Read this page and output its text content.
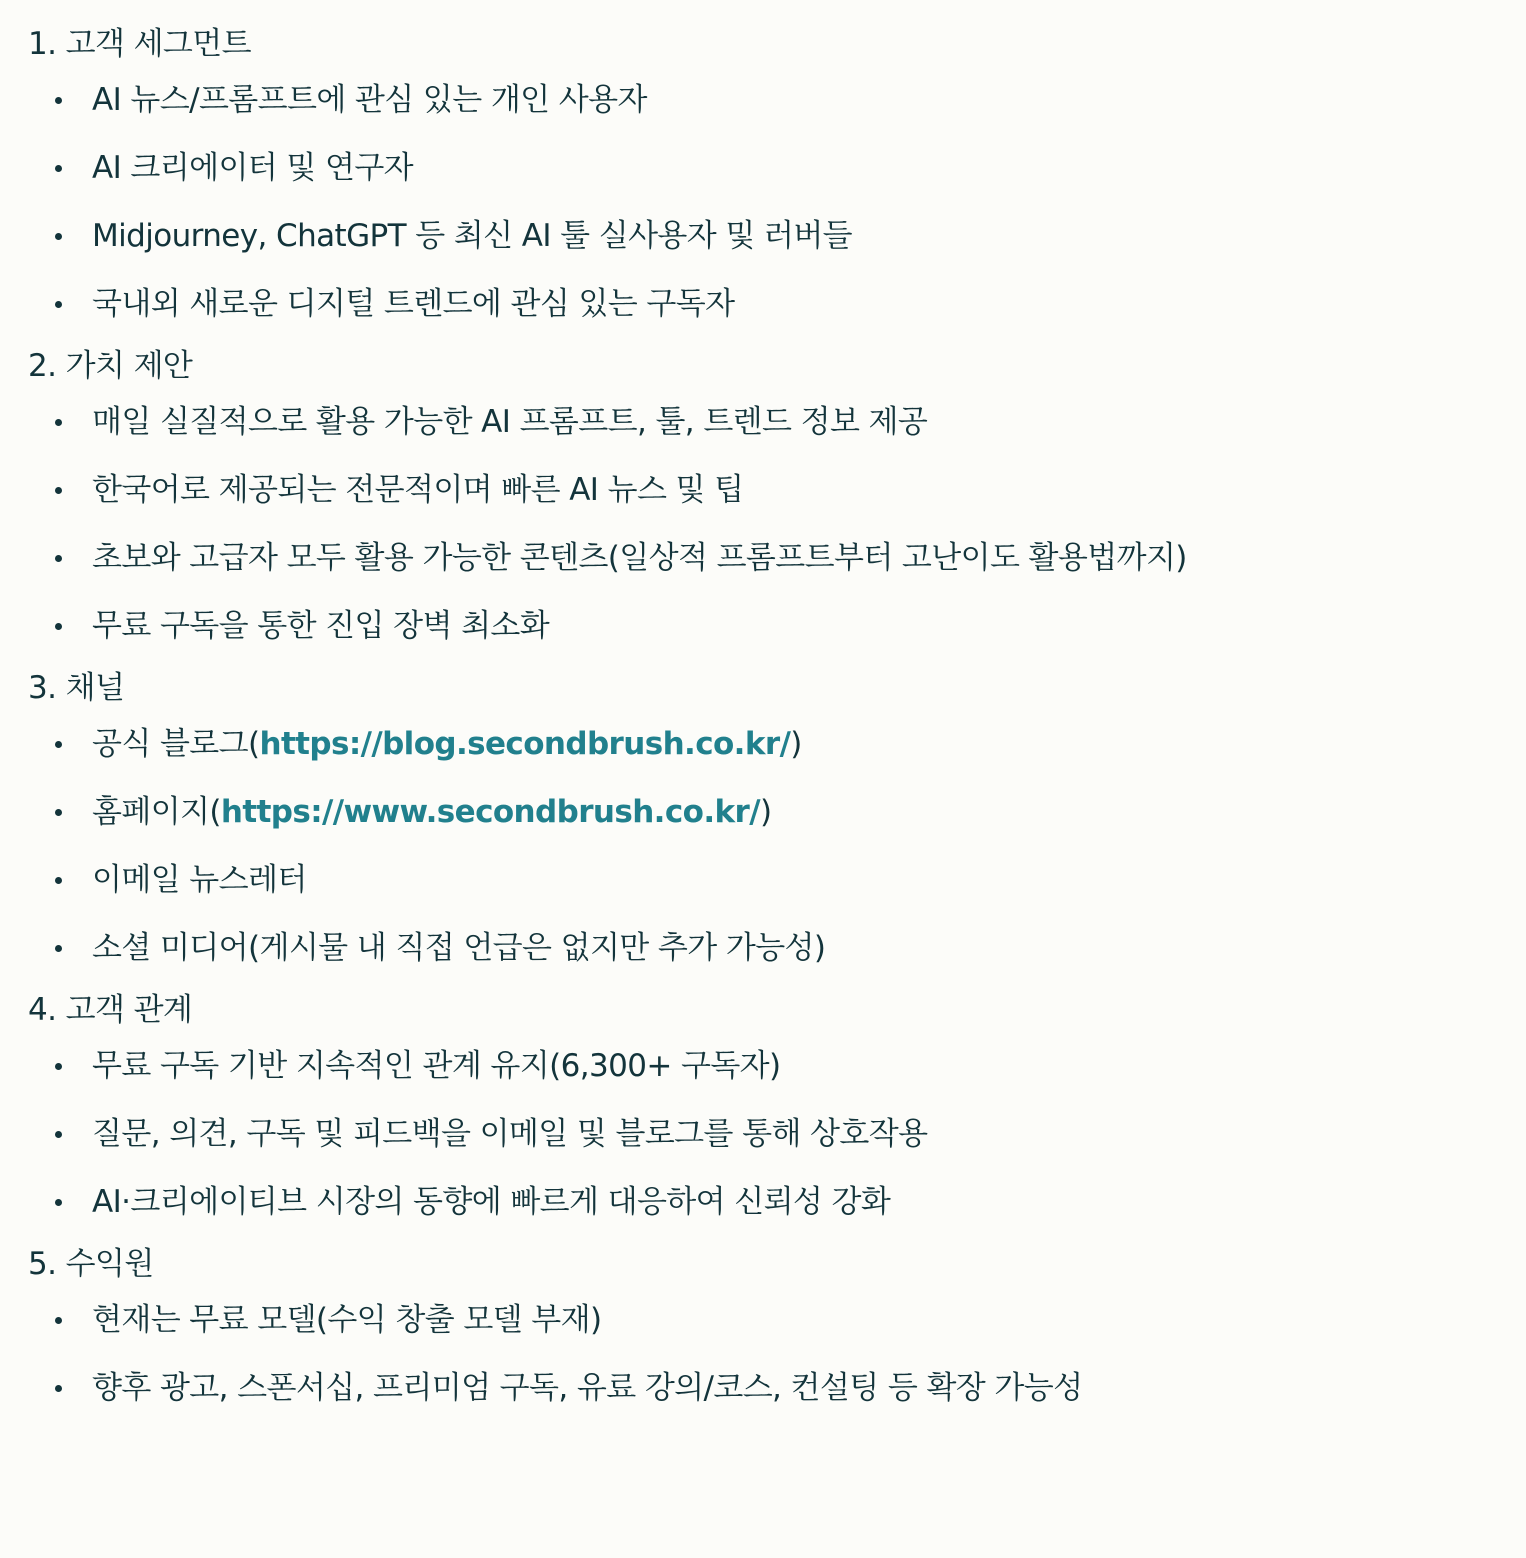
1. 고객 세그먼트
AI 뉴스/프롬프트에 관심 있는 개인 사용자
AI 크리에이터 및 연구자
Midjourney, ChatGPT 등 최신 AI 툴 실사용자 및 러버들
국내외 새로운 디지털 트렌드에 관심 있는 구독자
2. 가치 제안
매일 실질적으로 활용 가능한 AI 프롬프트, 툴, 트렌드 정보 제공
한국어로 제공되는 전문적이며 빠른 AI 뉴스 및 팁
초보와 고급자 모두 활용 가능한 콘텐츠(일상적 프롬프트부터 고난이도 활용법까지)
무료 구독을 통한 진입 장벽 최소화
3. 채널
공식 블로그(https://blog.secondbrush.co.kr/)
홈페이지(https://www.secondbrush.co.kr/)
이메일 뉴스레터
소셜 미디어(게시물 내 직접 언급은 없지만 추가 가능성)
4. 고객 관계
무료 구독 기반 지속적인 관계 유지(6,300+ 구독자)
질문, 의견, 구독 및 피드백을 이메일 및 블로그를 통해 상호작용
AI·크리에이티브 시장의 동향에 빠르게 대응하여 신뢰성 강화
5. 수익원
현재는 무료 모델(수익 창출 모델 부재)
향후 광고, 스폰서십, 프리미엄 구독, 유료 강의/코스, 컨설팅 등 확장 가능성
